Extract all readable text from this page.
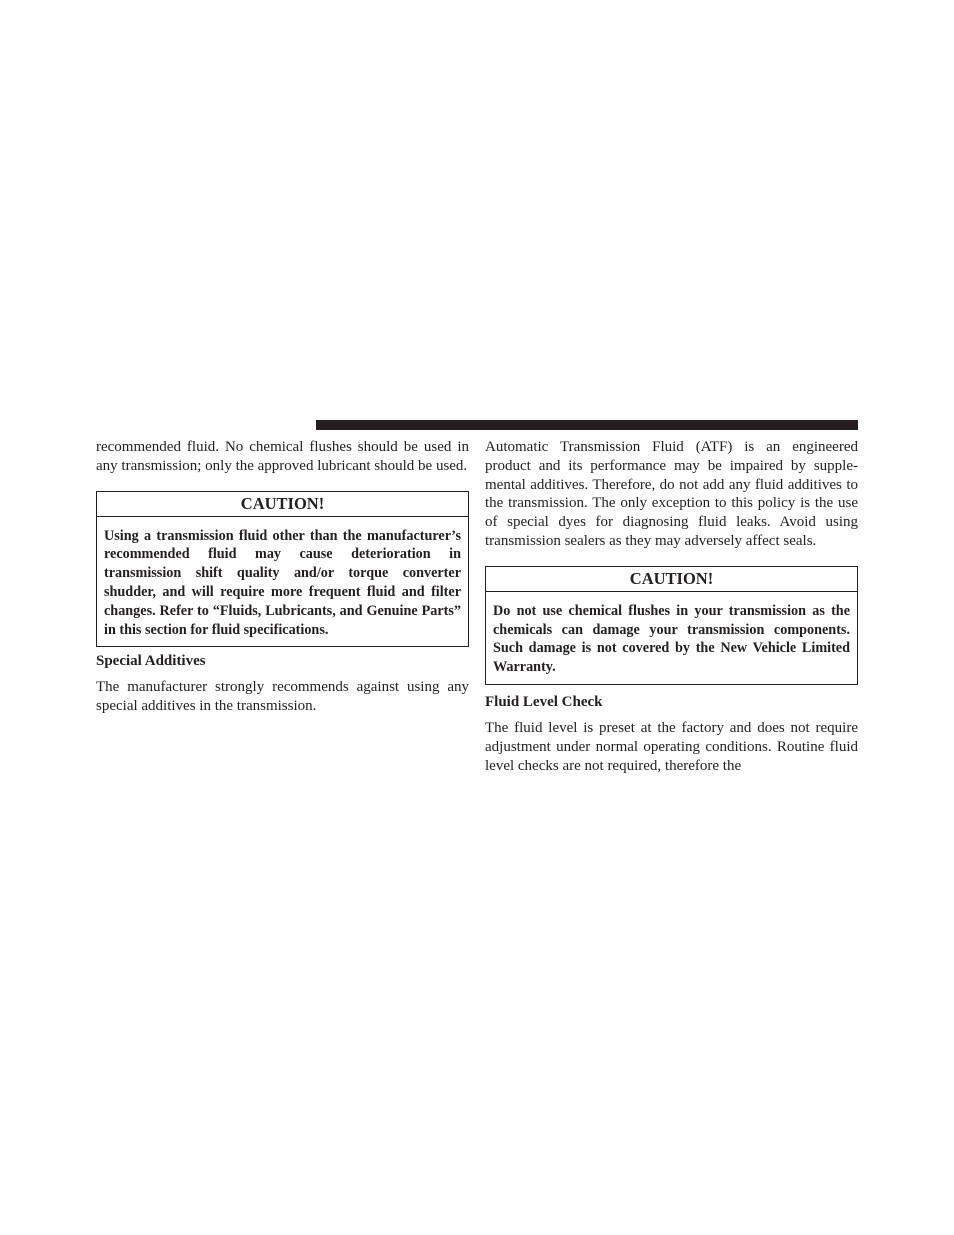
recommended fluid. No chemical flushes should be used in any transmission; only the approved lubricant should be used.

CAUTION!
Using a transmission fluid other than the manufacturer’s recommended fluid may cause deterioration in transmission shift quality and/or torque converter shudder, and will require more frequent fluid and filter changes. Refer to “Fluids, Lubricants, and Genuine Parts” in this section for fluid specifications.
Special Additives

The manufacturer strongly recommends against using any special additives in the transmission.

Automatic Transmission Fluid (ATF) is an engineered product and its performance may be impaired by supplemental additives. Therefore, do not add any fluid additives to the transmission. The only exception to this policy is the use of special dyes for diagnosing fluid leaks. Avoid using transmission sealers as they may adversely affect seals.

CAUTION!
Do not use chemical flushes in your transmission as the chemicals can damage your transmission components. Such damage is not covered by the New Vehicle Limited Warranty.
Fluid Level Check

The fluid level is preset at the factory and does not require adjustment under normal operating conditions. Routine fluid level checks are not required, therefore the
